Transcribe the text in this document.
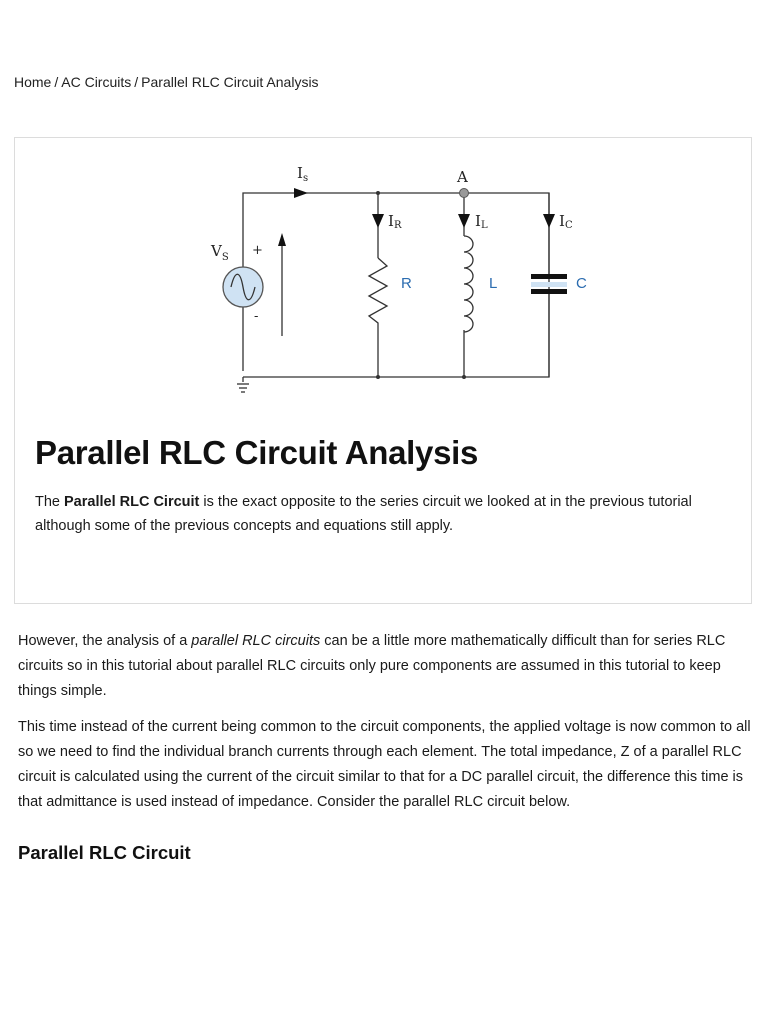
Home / AC Circuits / Parallel RLC Circuit Analysis
$V_S$ +
-
$I_s$	A
IR	IL	IC
R	L	C
Parallel RLC Circuit Analysis

The Parallel RLC Circuit is the exact opposite to the series circuit we looked at in the previous tutorial although some of the previous concepts and equations still apply.

However, the analysis of a parallel RLC circuits can be a little more mathematically difficult than for series RLC circuits so in this tutorial about parallel RLC circuits only pure components are assumed in this tutorial to keep things simple.

This time instead of the current being common to the circuit components, the applied voltage is now common to all so we need to find the individual branch currents through each element. The total impedance, Z of a parallel RLC circuit is calculated using the current of the circuit similar to that for a DC parallel circuit, the difference this time is that admittance is used instead of impedance. Consider the parallel RLC circuit below.

Parallel RLC Circuit
